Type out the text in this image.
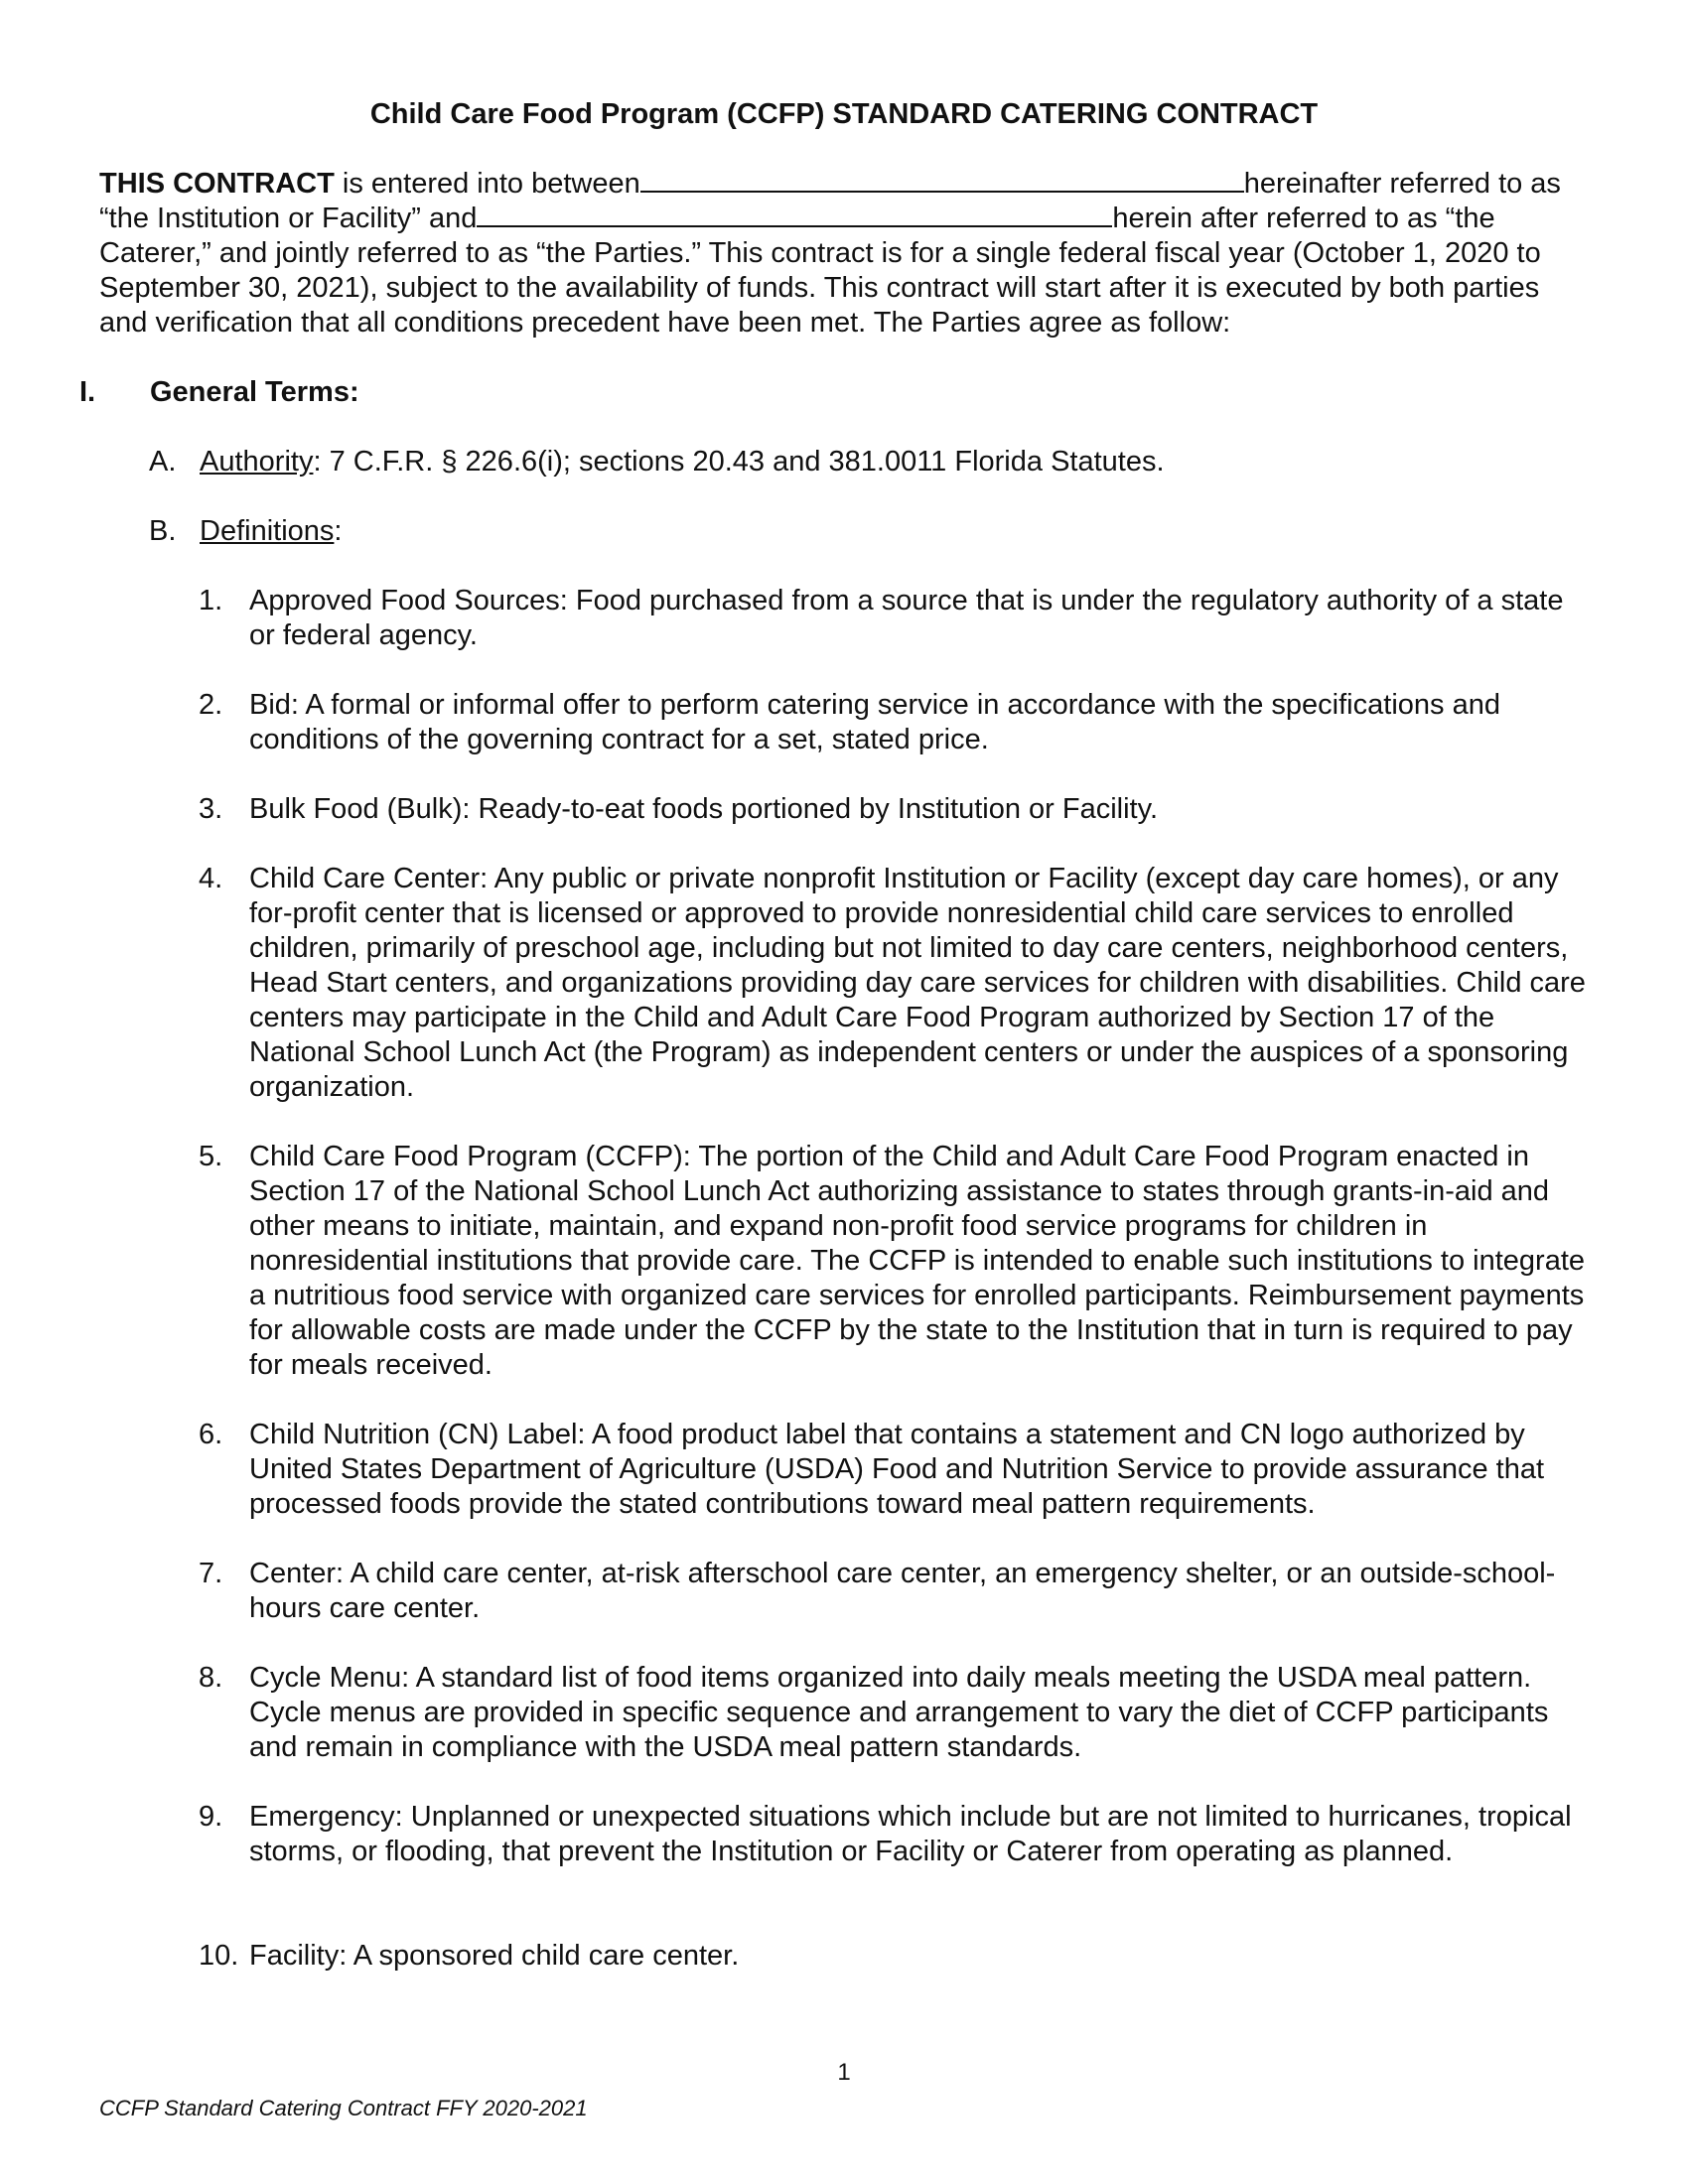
Child Care Food Program (CCFP) STANDARD CATERING CONTRACT
THIS CONTRACT is entered into between	hereinafter referred to as “the Institution or Facility” and	herein after referred to as “the Caterer,” and jointly referred to as “the Parties.” This contract is for a single federal fiscal year (October 1, 2020 to September 30, 2021), subject to the availability of funds. This contract will start after it is executed by both parties and verification that all conditions precedent have been met. The Parties agree as follow:
I. General Terms:
A. Authority: 7 C.F.R. § 226.6(i); sections 20.43 and 381.0011 Florida Statutes.
B. Definitions:
1. Approved Food Sources: Food purchased from a source that is under the regulatory authority of a state or federal agency.
2. Bid: A formal or informal offer to perform catering service in accordance with the specifications and conditions of the governing contract for a set, stated price.
3. Bulk Food (Bulk): Ready-to-eat foods portioned by Institution or Facility.
4. Child Care Center: Any public or private nonprofit Institution or Facility (except day care homes), or any for-profit center that is licensed or approved to provide nonresidential child care services to enrolled children, primarily of preschool age, including but not limited to day care centers, neighborhood centers, Head Start centers, and organizations providing day care services for children with disabilities. Child care centers may participate in the Child and Adult Care Food Program authorized by Section 17 of the National School Lunch Act (the Program) as independent centers or under the auspices of a sponsoring organization.
5. Child Care Food Program (CCFP): The portion of the Child and Adult Care Food Program enacted in Section 17 of the National School Lunch Act authorizing assistance to states through grants-in-aid and other means to initiate, maintain, and expand non-profit food service programs for children in nonresidential institutions that provide care. The CCFP is intended to enable such institutions to integrate a nutritious food service with organized care services for enrolled participants. Reimbursement payments for allowable costs are made under the CCFP by the state to the Institution that in turn is required to pay for meals received.
6. Child Nutrition (CN) Label: A food product label that contains a statement and CN logo authorized by United States Department of Agriculture (USDA) Food and Nutrition Service to provide assurance that processed foods provide the stated contributions toward meal pattern requirements.
7. Center: A child care center, at-risk afterschool care center, an emergency shelter, or an outside-school-hours care center.
8. Cycle Menu: A standard list of food items organized into daily meals meeting the USDA meal pattern. Cycle menus are provided in specific sequence and arrangement to vary the diet of CCFP participants and remain in compliance with the USDA meal pattern standards.
9. Emergency: Unplanned or unexpected situations which include but are not limited to hurricanes, tropical storms, or flooding, that prevent the Institution or Facility or Caterer from operating as planned.
10. Facility: A sponsored child care center.
1
CCFP Standard Catering Contract FFY 2020-2021
